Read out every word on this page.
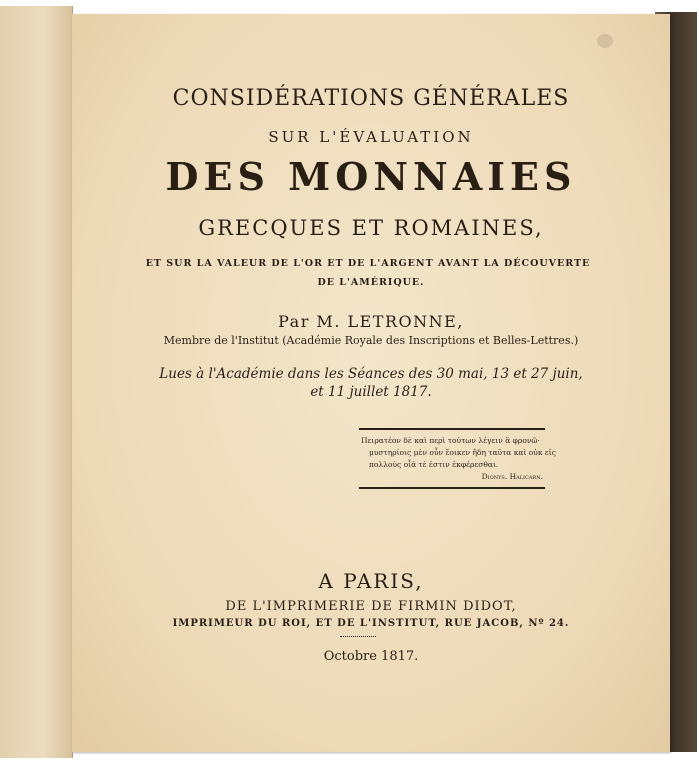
CONSIDÉRATIONS GÉNÉRALES
SUR L'ÉVALUATION
DES MONNAIES
GRECQUES ET ROMAINES,
ET SUR LA VALEUR DE L'OR ET DE L'ARGENT AVANT LA DÉCOUVERTE
DE L'AMÉRIQUE.
Par M. LETRONNE,
Membre de l'Institut (Académie Royale des Inscriptions et Belles-Lettres.)
Lues à l'Académie dans les Séances des 30 mai, 13 et 27 juin,
et 11 juillet 1817.
Πειρατέον δὲ καὶ περὶ τούτων λέγειν ἃ φρονῶ·
μυστηρίοις μὲν οὖν ἔοικεν ἤδη ταῦτα καὶ οὐκ εἰς
πολλοὺς οἷά τέ ἐστιν ἐκφέρεσθαι.
Dionys. Halicarn.
A PARIS,
DE L'IMPRIMERIE DE FIRMIN DIDOT,
IMPRIMEUR DU ROI, ET DE L'INSTITUT, RUE JACOB, Nº 24.
Octobre 1817.
